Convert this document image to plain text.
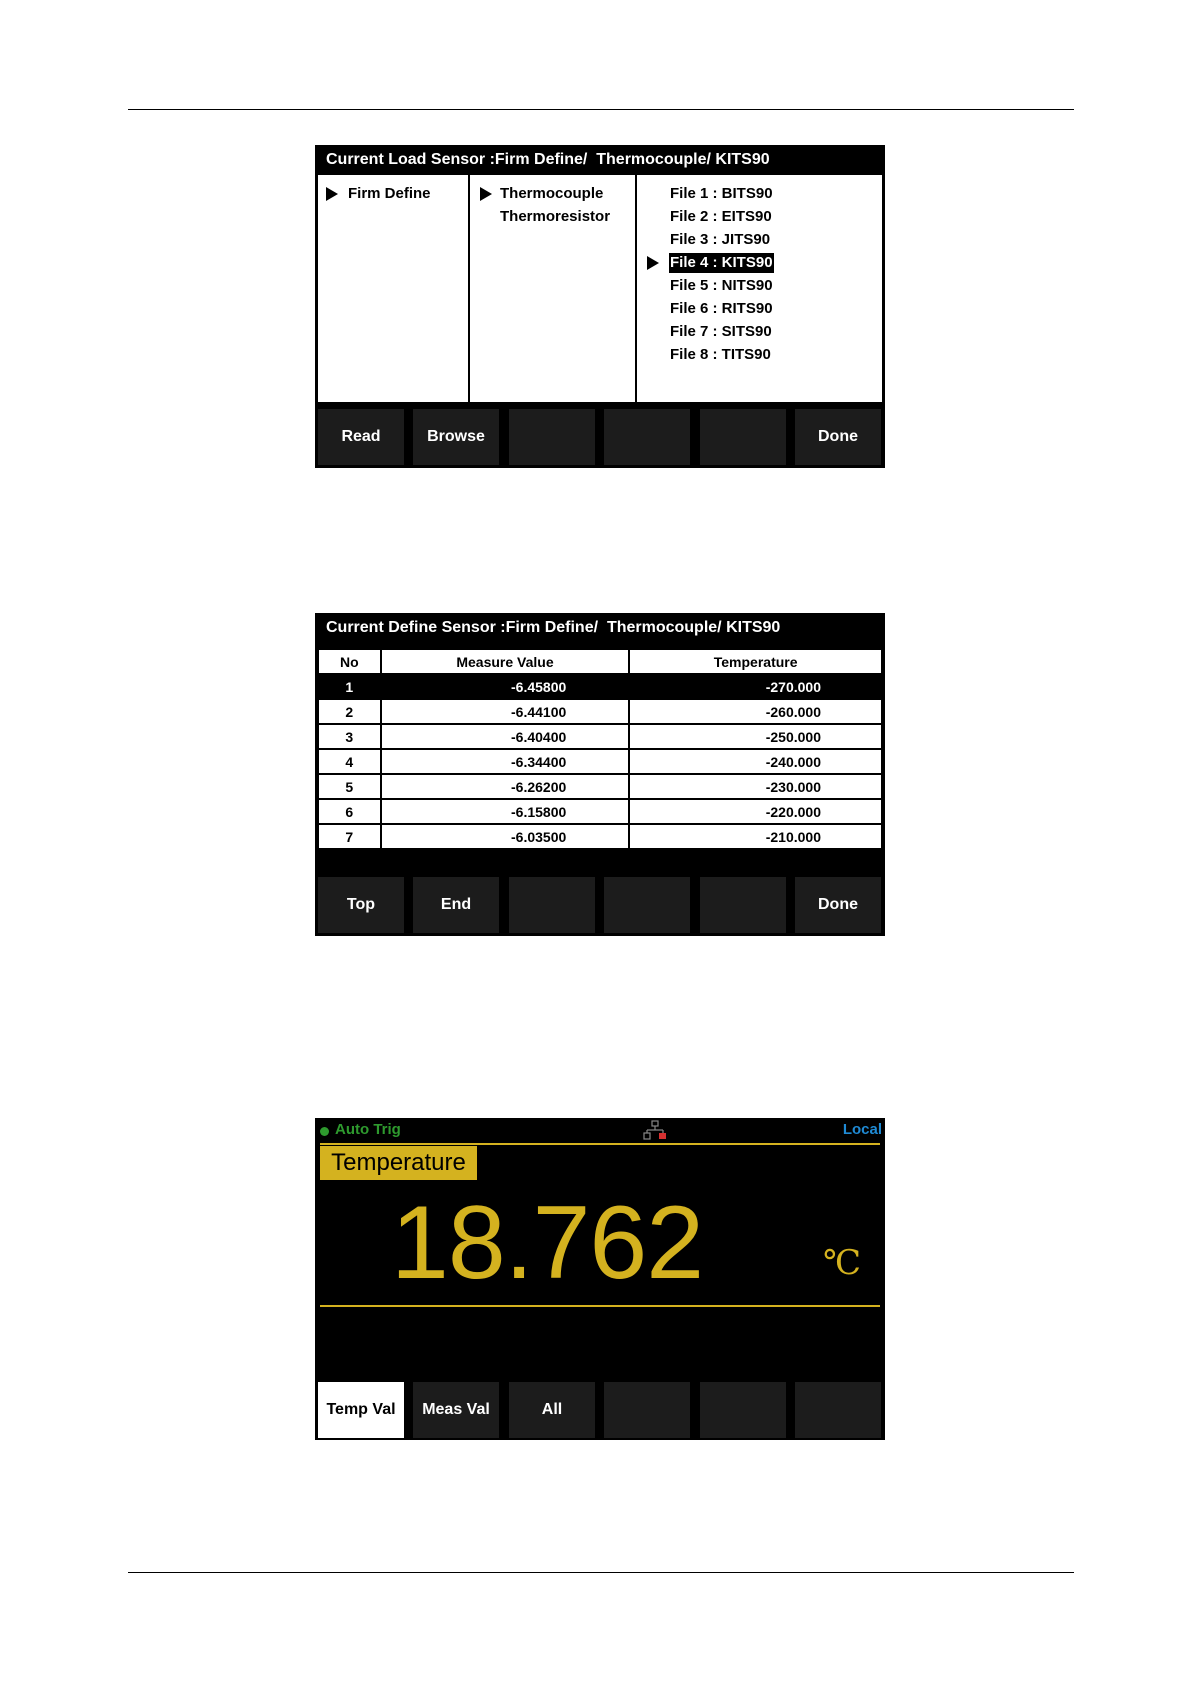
Current Load Sensor :Firm Define/  Thermocouple/ KITS90
Firm Define	Thermocouple
Thermoresistor
File 1 : BITS90
File 2 : EITS90
File 3 : JITS90
File 4 : KITS90
File 5 : NITS90
File 6 : RITS90
File 7 : SITS90
File 8 : TITS90
Read	Browse	Done
Current Define Sensor :Firm Define/  Thermocouple/ KITS90
No	Measure Value	Temperature
1	-6.45800	-270.000
2	-6.44100	-260.000
3	-6.40400	-250.000
4	-6.34400	-240.000
5	-6.26200	-230.000
6	-6.15800	-220.000
7	-6.03500	-210.000
Top	End	Done
Auto Trig	Local
Temperature
18.762	℃
Temp Val	Meas Val	All
